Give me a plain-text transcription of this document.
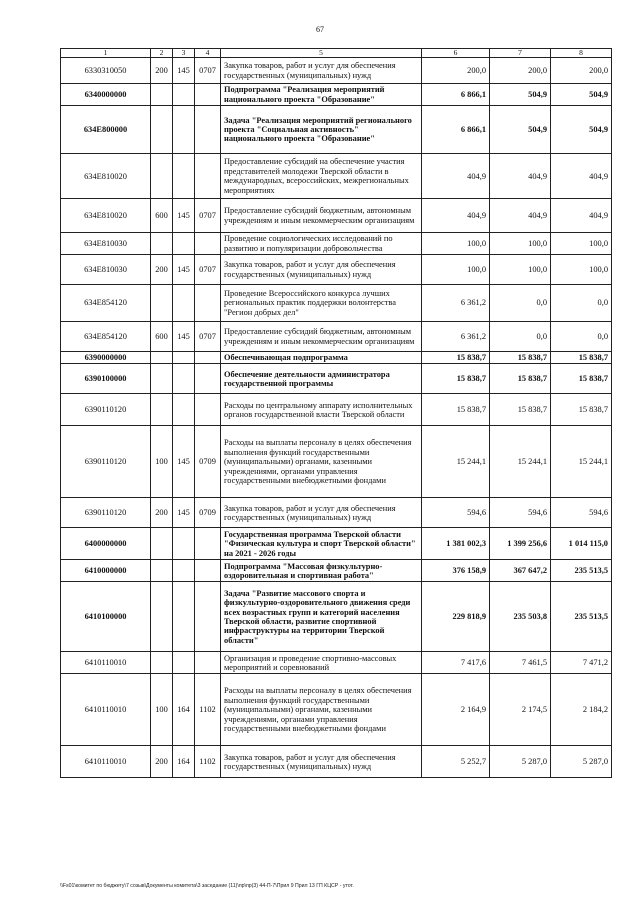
67
1	2	3	4	5	6	7	8
6330310050	200	145	0707	Закупка товаров, работ и услуг для обеспечения государственных (муниципальных) нужд	200,0	200,0	200,0
6340000000				Подпрограмма "Реализация мероприятий национального проекта "Образование"	6 866,1	504,9	504,9
634E800000				Задача "Реализация мероприятий регионального проекта "Социальная активность" национального проекта "Образование"	6 866,1	504,9	504,9
634E810020				Предоставление субсидий на обеспечение участия представителей молодежи Тверской области в международных, всероссийских, межрегиональных мероприятиях	404,9	404,9	404,9
634E810020	600	145	0707	Предоставление субсидий бюджетным, автономным учреждениям и иным некоммерческим организациям	404,9	404,9	404,9
634E810030				Проведение социологических исследований по развитию и популяризации добровольчества	100,0	100,0	100,0
634E810030	200	145	0707	Закупка товаров, работ и услуг для обеспечения государственных (муниципальных) нужд	100,0	100,0	100,0
634E854120				Проведение Всероссийского конкурса лучших региональных практик поддержки волонтерства "Регион добрых дел"	6 361,2	0,0	0,0
634E854120	600	145	0707	Предоставление субсидий бюджетным, автономным учреждениям и иным некоммерческим организациям	6 361,2	0,0	0,0
6390000000				Обеспечивающая подпрограмма	15 838,7	15 838,7	15 838,7
6390100000				Обеспечение деятельности администратора государственной программы	15 838,7	15 838,7	15 838,7
6390110120				Расходы по центральному аппарату исполнительных органов государственной власти Тверской области	15 838,7	15 838,7	15 838,7
6390110120	100	145	0709	Расходы на выплаты персоналу в целях обеспечения выполнения функций государственными (муниципальными) органами, казенными учреждениями, органами управления государственными внебюджетными фондами	15 244,1	15 244,1	15 244,1
6390110120	200	145	0709	Закупка товаров, работ и услуг для обеспечения государственных (муниципальных) нужд	594,6	594,6	594,6
6400000000				Государственная программа Тверской области "Физическая культура и спорт Тверской области" на 2021 - 2026 годы	1 381 002,3	1 399 256,6	1 014 115,0
6410000000				Подпрограмма "Массовая физкультурно-оздоровительная и спортивная работа"	376 158,9	367 647,2	235 513,5
6410100000				Задача "Развитие массового спорта и физкультурно-оздоровительного движения среди всех возрастных групп и категорий населения Тверской области, развитие спортивной инфраструктуры на территории Тверской области"	229 818,9	235 503,8	235 513,5
6410110010				Организация и проведение спортивно-массовых мероприятий и соревнований	7 417,6	7 461,5	7 471,2
6410110010	100	164	1102	Расходы на выплаты персоналу в целях обеспечения выполнения функций государственными (муниципальными) органами, казенными учреждениями, органами управления государственными внебюджетными фондами	2 164,9	2 174,5	2 184,2
6410110010	200	164	1102	Закупка товаров, работ и услуг для обеспечения государственных (муниципальных) нужд	5 252,7	5 287,0	5 287,0
\\Fs01\комитет по бюджету\7 созыв\Документы комитета\3 заседание (11)\пр\пр(3) 44-П-7\Прил 9 Прил 13 ГП КЦСР - утот.
